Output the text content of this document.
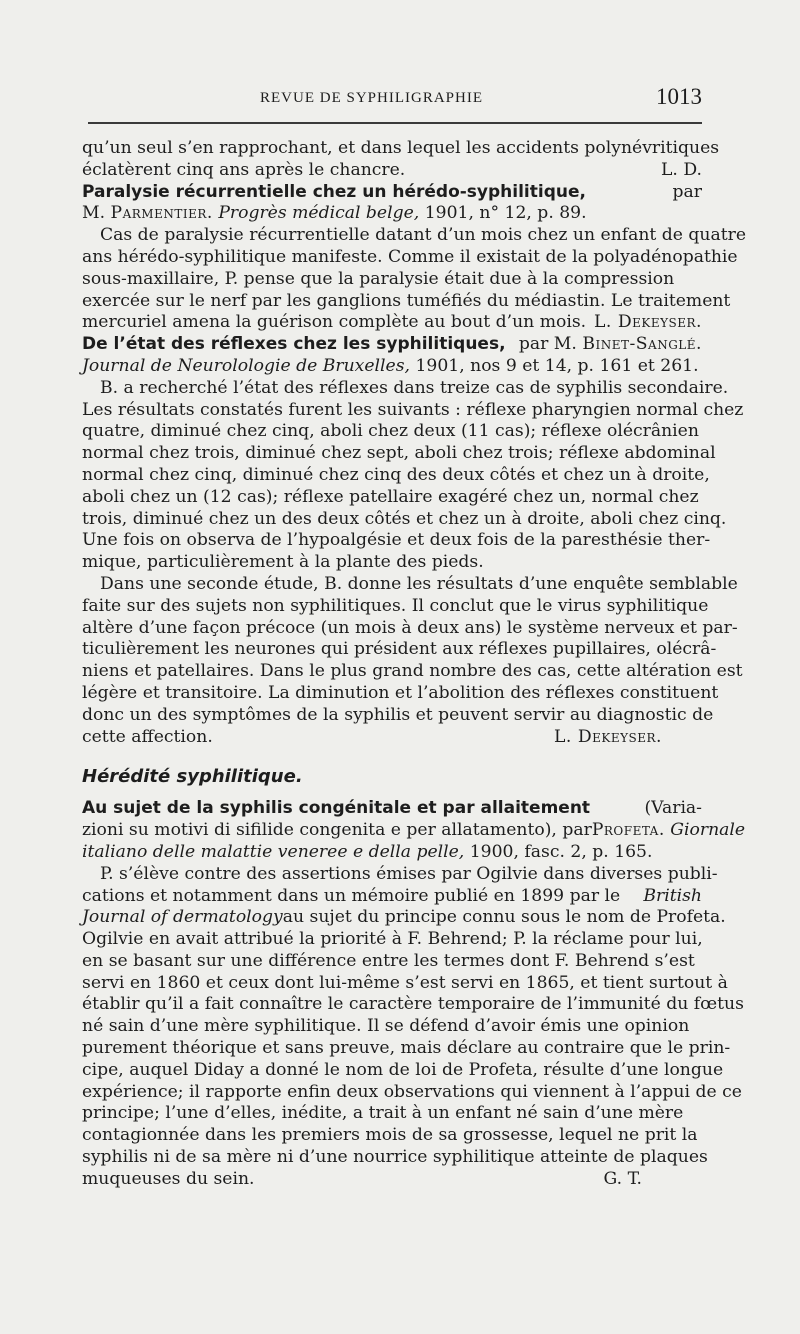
REVUE DE SYPHILIGRAPHIE	1013
qu’un seul s’en rapprochant, et dans lequel les accidents polynévritiques
éclatèrent cinq ans après le chancre.	L. D.
Paralysie récurrentielle chez un hérédo-syphilitique,	par
M.
Parmentier.
Progrès médical belge,
1901, n° 12, p. 89.
Cas de paralysie récurrentielle datant d’un mois chez un enfant de quatre
ans hérédo-syphilitique manifeste. Comme il existait de la polyadénopathie
sous-maxillaire, P. pense que la paralysie était due à la compression
exercée sur le nerf par les ganglions tuméfiés du médiastin. Le traitement
mercuriel amena la guérison complète au bout d’un mois. L. Dekeyser.
De l’état des réflexes chez les syphilitiques, par M. Binet-Sanglé.
Journal de Neurolologie de Bruxelles,
1901, nos 9 et 14, p. 161 et 261.
B. a recherché l’état des réflexes dans treize cas de syphilis secondaire.
Les résultats constatés furent les suivants : réflexe pharyngien normal chez
quatre, diminué chez cinq, aboli chez deux (11 cas); réflexe olécrânien
normal chez trois, diminué chez sept, aboli chez trois; réflexe abdominal
normal chez cinq, diminué chez cinq des deux côtés et chez un à droite,
aboli chez un (12 cas); réflexe patellaire exagéré chez un, normal chez
trois, diminué chez un des deux côtés et chez un à droite, aboli chez cinq.
Une fois on observa de l’hypoalgésie et deux fois de la paresthésie ther-
mique, particulièrement à la plante des pieds.
Dans une seconde étude, B. donne les résultats d’une enquête semblable
faite sur des sujets non syphilitiques. Il conclut que le virus syphilitique
altère d’une façon précoce (un mois à deux ans) le système nerveux et par-
ticulièrement les neurones qui président aux réflexes pupillaires, olécrâ-
niens et patellaires. Dans le plus grand nombre des cas, cette altération est
légère et transitoire. La diminution et l’abolition des réflexes constituent
donc un des symptômes de la syphilis et peuvent servir au diagnostic de
cette affection.	L. Dekeyser.
Hérédité syphilitique.
Au sujet de la syphilis congénitale et par allaitement	(Varia-
zioni su motivi di sifilide congenita e per allatamento), par Profeta. Giornale
italiano delle malattie veneree e della pelle,
1900, fasc. 2, p. 165.
P. s’élève contre des assertions émises par Ogilvie dans diverses publi-
cations et notamment dans un mémoire publié en 1899 par le British
Journal of dermatology au sujet du principe connu sous le nom de Profeta.
Ogilvie en avait attribué la priorité à F. Behrend; P. la réclame pour lui,
en se basant sur une différence entre les termes dont F. Behrend s’est
servi en 1860 et ceux dont lui-même s’est servi en 1865, et tient surtout à
établir qu’il a fait connaître le caractère temporaire de l’immunité du fœtus
né sain d’une mère syphilitique. Il se défend d’avoir émis une opinion
purement théorique et sans preuve, mais déclare au contraire que le prin-
cipe, auquel Diday a donné le nom de loi de Profeta, résulte d’une longue
expérience; il rapporte enfin deux observations qui viennent à l’appui de ce
principe; l’une d’elles, inédite, a trait à un enfant né sain d’une mère
contagionnée dans les premiers mois de sa grossesse, lequel ne prit la
syphilis ni de sa mère ni d’une nourrice syphilitique atteinte de plaques
muqueuses du sein.	G. T.
